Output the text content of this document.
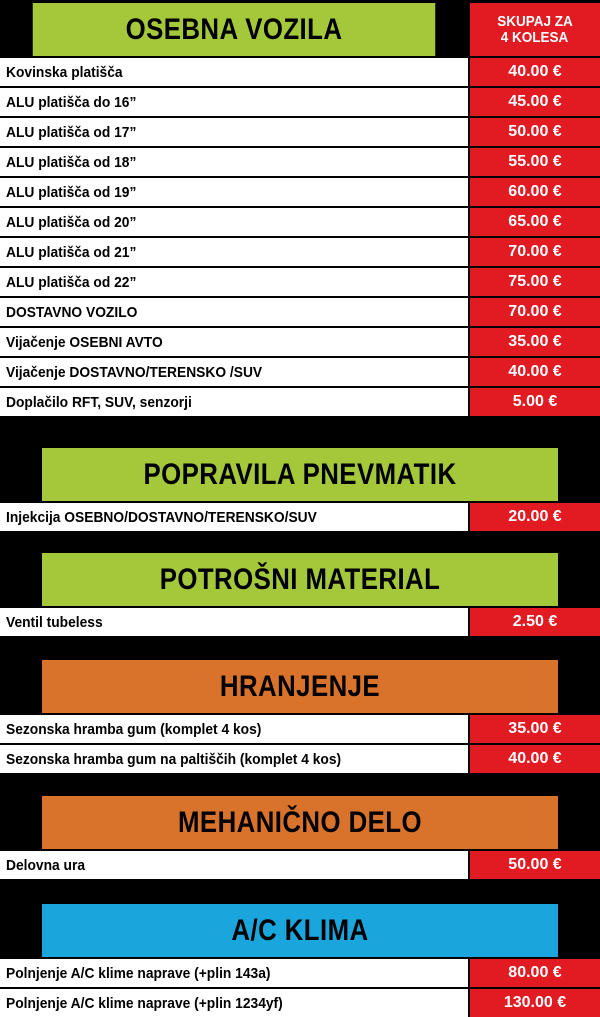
OSEBNA VOZILA	SKUPAJ ZA
4 KOLESA
Kovinska platišča	40.00 €
ALU platišča do 16”	45.00 €
ALU platišča od 17”	50.00 €
ALU platišča od 18”	55.00 €
ALU platišča od 19”	60.00 €
ALU platišča od 20”	65.00 €
ALU platišča od 21”	70.00 €
ALU platišča od 22”	75.00 €
DOSTAVNO VOZILO	70.00 €
Vijačenje OSEBNI AVTO	35.00 €
Vijačenje DOSTAVNO/TERENSKO /SUV	40.00 €
Doplačilo RFT, SUV, senzorji	5.00 €
POPRAVILA PNEVMATIK
Injekcija OSEBNO/DOSTAVNO/TERENSKO/SUV	20.00 €
POTROŠNI MATERIAL
Ventil tubeless	2.50 €
HRANJENJE
Sezonska hramba gum (komplet 4 kos)	35.00 €
Sezonska hramba gum na paltiščih (komplet 4 kos)	40.00 €
MEHANIČNO DELO
Delovna ura	50.00 €
A/C KLIMA
Polnjenje A/C klime naprave (+plin 143a)	80.00 €
Polnjenje A/C klime naprave (+plin 1234yf)	130.00 €
